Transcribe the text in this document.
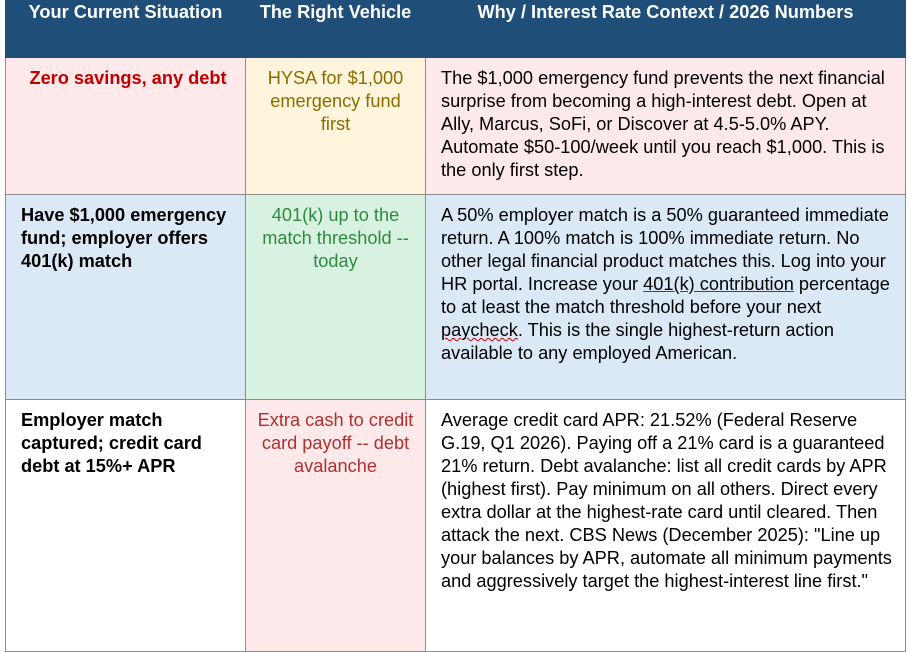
Your Current Situation	The Right Vehicle	Why / Interest Rate Context / 2026 Numbers
Zero savings, any debt	HYSA for $1,000 emergency fund first	The $1,000 emergency fund prevents the next financial surprise from becoming a high-interest debt. Open at Ally, Marcus, SoFi, or Discover at 4.5-5.0% APY. Automate $50-100/week until you reach $1,000. This is the only first step.
Have $1,000 emergency fund; employer offers 401(k) match	401(k) up to the match threshold -- today	A 50% employer match is a 50% guaranteed immediate return. A 100% match is 100% immediate return. No other legal financial product matches this. Log into your HR portal. Increase your 401(k) contribution percentage to at least the match threshold before your next paycheck. This is the single highest-return action available to any employed American.
Employer match captured; credit card debt at 15%+ APR	Extra cash to credit card payoff -- debt avalanche	Average credit card APR: 21.52% (Federal Reserve G.19, Q1 2026). Paying off a 21% card is a guaranteed 21% return. Debt avalanche: list all credit cards by APR (highest first). Pay minimum on all others. Direct every extra dollar at the highest-rate card until cleared. Then attack the next. CBS News (December 2025): "Line up your balances by APR, automate all minimum payments and aggressively target the highest-interest line first."
